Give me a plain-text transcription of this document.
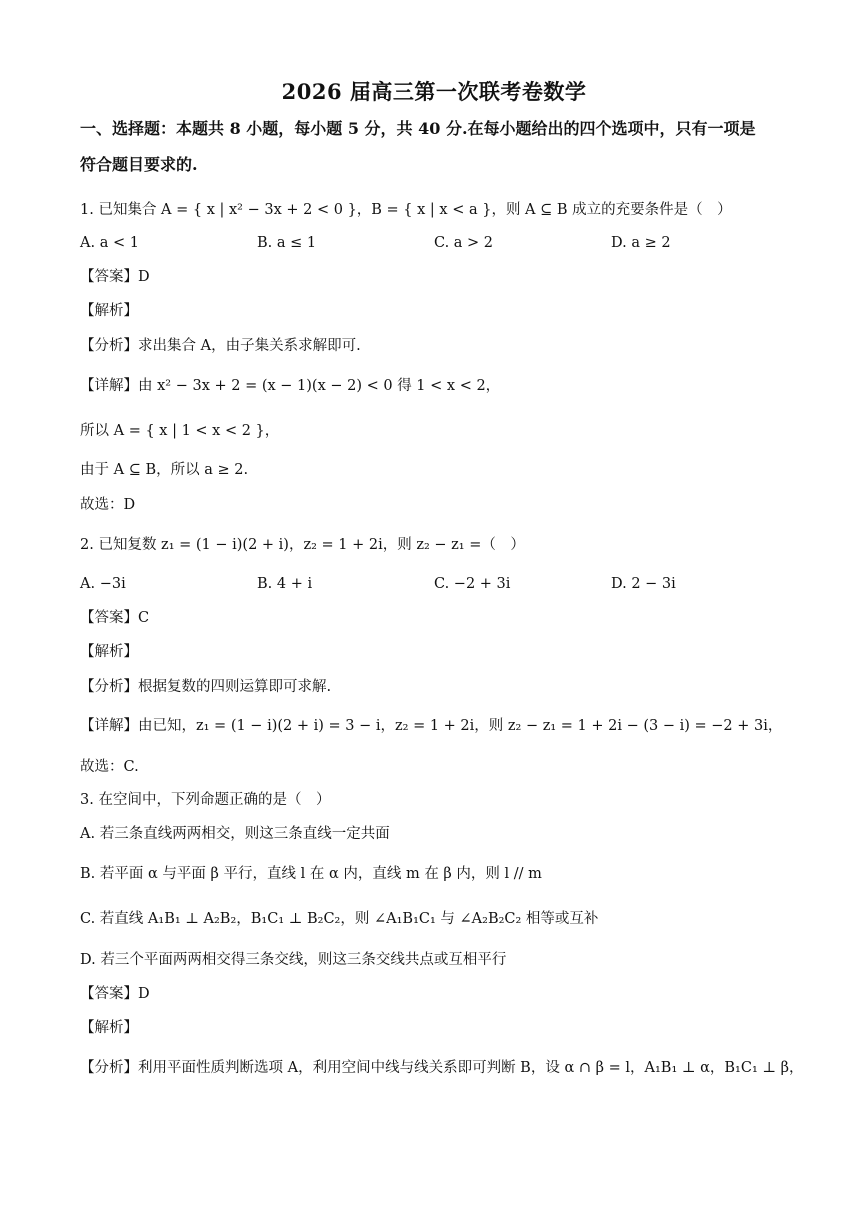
2026 届高三第一次联考卷数学
一、选择题：本题共 8 小题，每小题 5 分，共 40 分.在每小题给出的四个选项中，只有一项是
符合题目要求的.
1. 已知集合 A = { x | x² − 3x + 2 < 0 }，B = { x | x < a }，则 A ⊆ B 成立的充要条件是（　）
A. a < 1	B. a ≤ 1	C. a > 2	D. a ≥ 2
【答案】D
【解析】
【分析】求出集合 A，由子集关系求解即可.
【详解】由 x² − 3x + 2 = (x − 1)(x − 2) < 0 得 1 < x < 2，
所以 A = { x | 1 < x < 2 }，
由于 A ⊆ B，所以 a ≥ 2.
故选：D
2. 已知复数 z₁ = (1 − i)(2 + i)，z₂ = 1 + 2i，则 z₂ − z₁ =（　）
A. −3i	B. 4 + i	C. −2 + 3i	D. 2 − 3i
【答案】C
【解析】
【分析】根据复数的四则运算即可求解.
【详解】由已知，z₁ = (1 − i)(2 + i) = 3 − i，z₂ = 1 + 2i，则 z₂ − z₁ = 1 + 2i − (3 − i) = −2 + 3i，
故选：C.
3. 在空间中，下列命题正确的是（　）
A. 若三条直线两两相交，则这三条直线一定共面
B. 若平面 α 与平面 β 平行，直线 l 在 α 内，直线 m 在 β 内，则 l // m
C. 若直线 A₁B₁ ⊥ A₂B₂，B₁C₁ ⊥ B₂C₂，则 ∠A₁B₁C₁ 与 ∠A₂B₂C₂ 相等或互补
D. 若三个平面两两相交得三条交线，则这三条交线共点或互相平行
【答案】D
【解析】
【分析】利用平面性质判断选项 A，利用空间中线与线关系即可判断 B，设 α ∩ β = l，A₁B₁ ⊥ α，B₁C₁ ⊥ β，
